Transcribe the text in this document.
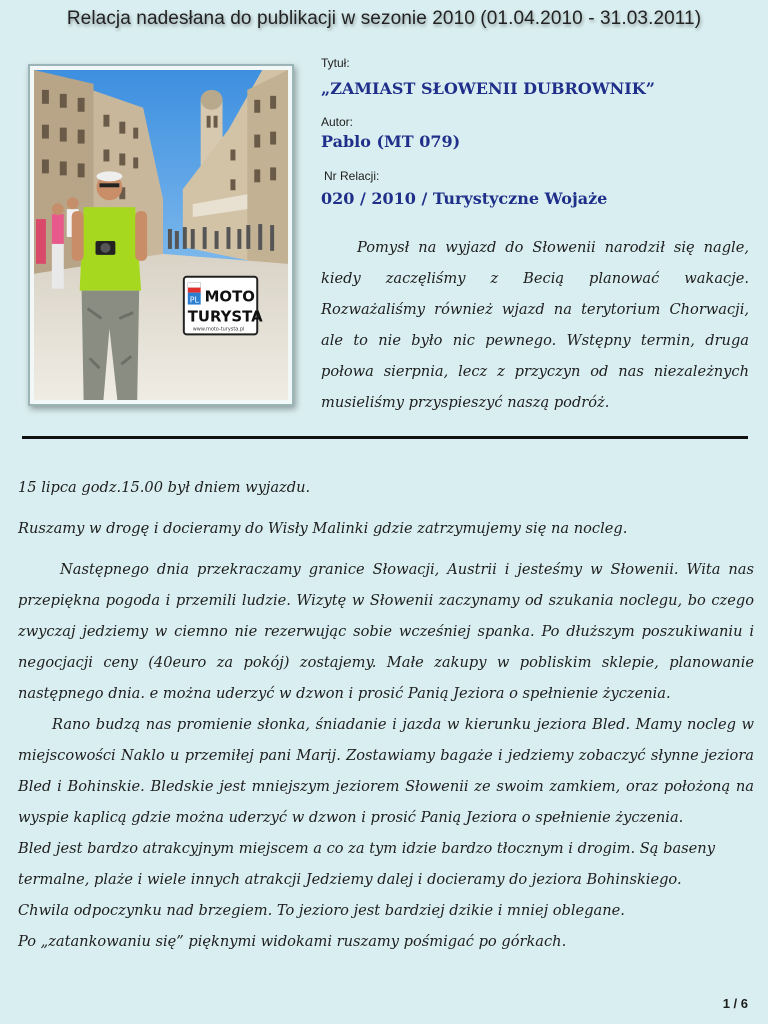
Relacja nadesłana do publikacji w sezonie 2010 (01.04.2010 - 31.03.2011)
PL MOTO
TURYSTA
www.moto-turysta.pl
Tytuł:
„ZAMIAST SŁOWENII DUBROWNIK”
Autor:
Pablo (MT 079)
Nr Relacji:
020 / 2010 / Turystyczne Wojaże

Pomysł na wyjazd do Słowenii narodził się nagle, kiedy zaczęliśmy z Becią planować wakacje. Rozważaliśmy również wjazd na terytorium Chorwacji, ale to nie było nic pewnego. Wstępny termin, druga połowa sierpnia, lecz z przyczyn od nas niezależnych musieliśmy przyspieszyć naszą podróż.

15 lipca godz.15.00 był dniem wyjazdu.

Ruszamy w drogę i docieramy do Wisły Malinki gdzie zatrzymujemy się na nocleg.

Następnego dnia przekraczamy granice Słowacji, Austrii i jesteśmy w Słowenii. Wita nas przepiękna pogoda i przemili ludzie. Wizytę w Słowenii zaczynamy od szukania noclegu, bo czego zwyczaj jedziemy w ciemno nie rezerwując sobie wcześniej spanka. Po dłuższym poszukiwaniu i negocjacji ceny (40euro za pokój) zostajemy. Małe zakupy w pobliskim sklepie, planowanie następnego dnia. e można uderzyć w dzwon i prosić Panią Jeziora o spełnienie życzenia.

Rano budzą nas promienie słonka, śniadanie i jazda w kierunku jeziora Bled. Mamy nocleg w miejscowości Naklo u przemiłej pani Marij. Zostawiamy bagaże i jedziemy zobaczyć słynne jeziora Bled i Bohinskie. Bledskie jest mniejszym jeziorem Słowenii ze swoim zamkiem, oraz położoną na wyspie kaplicą gdzie można uderzyć w dzwon i prosić Panią Jeziora o spełnienie życzenia.

Bled jest bardzo atrakcyjnym miejscem a co za tym idzie bardzo tłocznym i drogim. Są baseny termalne, plaże i wiele innych atrakcji Jedziemy dalej i docieramy do jeziora Bohinskiego.

Chwila odpoczynku nad brzegiem. To jezioro jest bardziej dzikie i mniej oblegane.

Po „zatankowaniu się” pięknymi widokami ruszamy pośmigać po górkach.

1 / 6
